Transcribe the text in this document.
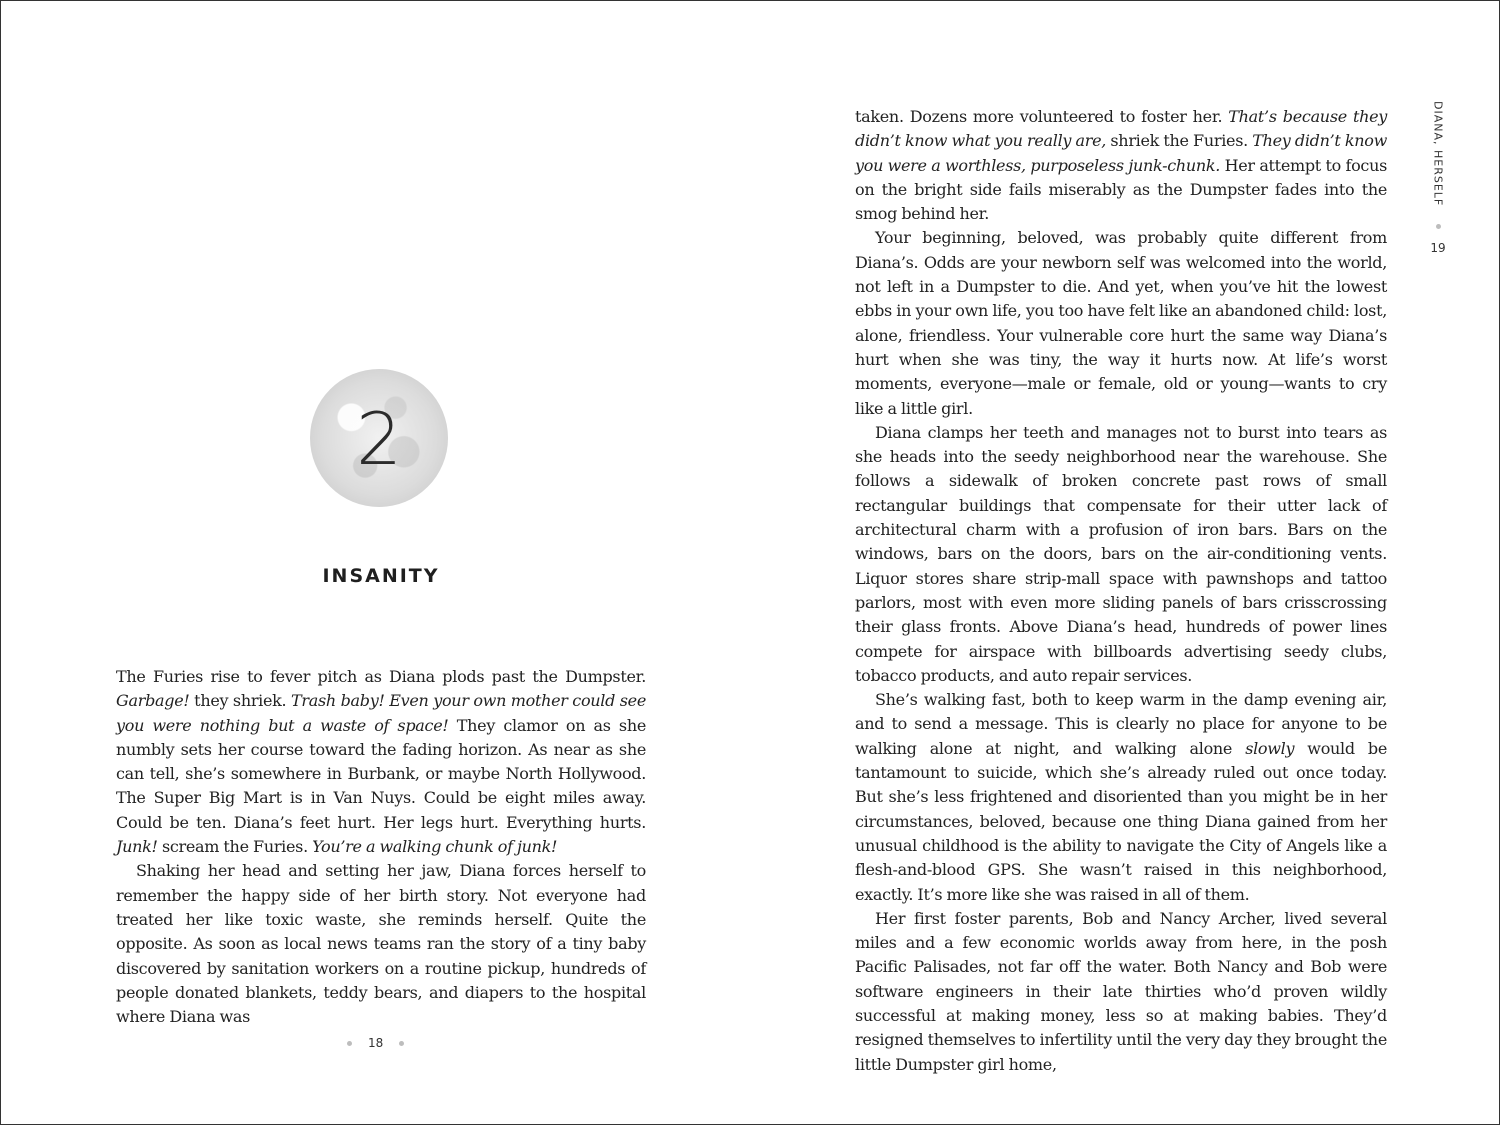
2
INSANITY

The Furies rise to fever pitch as Diana plods past the Dumpster. Garbage! they shriek. Trash baby! Even your own mother could see you were nothing but a waste of space! They clamor on as she numbly sets her course toward the fading horizon. As near as she can tell, she’s somewhere in Burbank, or maybe North Hollywood. The Super Big Mart is in Van Nuys. Could be eight miles away. Could be ten. Diana’s feet hurt. Her legs hurt. Everything hurts. Junk! scream the Furies. You’re a walking chunk of junk!

Shaking her head and setting her jaw, Diana forces herself to remember the happy side of her birth story. Not everyone had treated her like toxic waste, she reminds herself. Quite the opposite. As soon as local news teams ran the story of a tiny baby discovered by sanitation workers on a routine pickup, hundreds of people donated blankets, teddy bears, and diapers to the hospital where Diana was

18

taken. Dozens more volunteered to foster her. That’s because they didn’t know what you really are, shriek the Furies. They didn’t know you were a worthless, purposeless junk-chunk. Her attempt to focus on the bright side fails miserably as the Dumpster fades into the smog behind her.

Your beginning, beloved, was probably quite different from Diana’s. Odds are your newborn self was welcomed into the world, not left in a Dumpster to die. And yet, when you’ve hit the lowest ebbs in your own life, you too have felt like an abandoned child: lost, alone, friendless. Your vulnerable core hurt the same way Diana’s hurt when she was tiny, the way it hurts now. At life’s worst moments, everyone—male or female, old or young—wants to cry like a little girl.

Diana clamps her teeth and manages not to burst into tears as she heads into the seedy neighborhood near the warehouse. She follows a sidewalk of broken concrete past rows of small rectangular buildings that compensate for their utter lack of architectural charm with a profusion of iron bars. Bars on the windows, bars on the doors, bars on the air-conditioning vents. Liquor stores share strip-mall space with pawnshops and tattoo parlors, most with even more sliding panels of bars crisscrossing their glass fronts. Above Diana’s head, hundreds of power lines compete for airspace with billboards advertising seedy clubs, tobacco products, and auto repair services.

She’s walking fast, both to keep warm in the damp evening air, and to send a message. This is clearly no place for anyone to be walking alone at night, and walking alone slowly would be tantamount to suicide, which she’s already ruled out once today. But she’s less frightened and disoriented than you might be in her circumstances, beloved, because one thing Diana gained from her unusual childhood is the ability to navigate the City of Angels like a flesh-and-blood GPS. She wasn’t raised in this neighborhood, exactly. It’s more like she was raised in all of them.

Her first foster parents, Bob and Nancy Archer, lived several miles and a few economic worlds away from here, in the posh Pacific Palisades, not far off the water. Both Nancy and Bob were software engineers in their late thirties who’d proven wildly successful at making money, less so at making babies. They’d resigned themselves to infertility until the very day they brought the little Dumpster girl home,

DIANA, HERSELF
19
